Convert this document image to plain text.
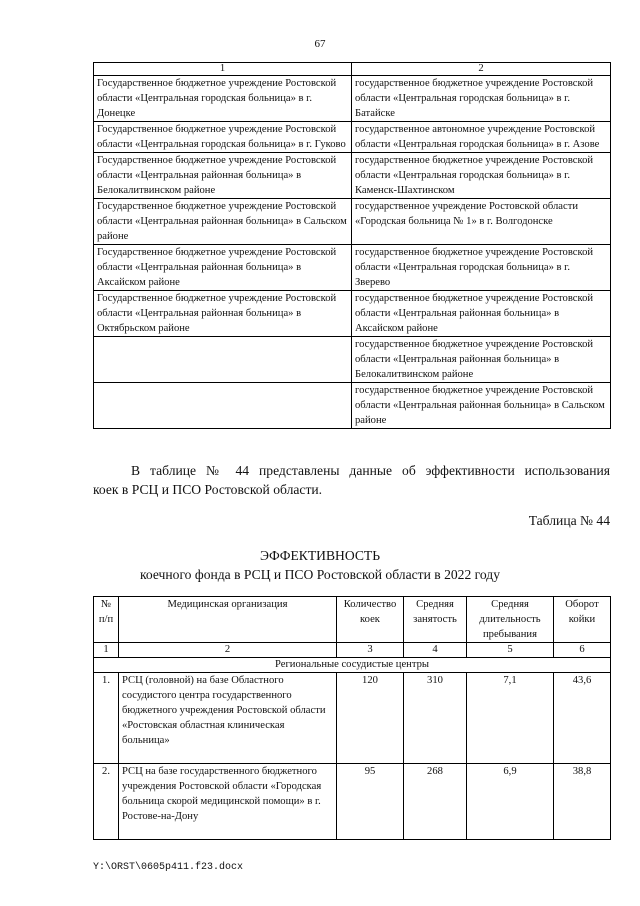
67
1	2
Государственное бюджетное учреждение Ростовской области «Центральная городская больница» в г. Донецке	государственное бюджетное учреждение Ростовской области «Центральная городская больница» в г. Батайске
Государственное бюджетное учреждение Ростовской области «Центральная городская больница» в г. Гуково	государственное автономное учреждение Ростовской области «Центральная городская больница» в г. Азове
Государственное бюджетное учреждение Ростовской области «Центральная районная больница» в Белокалитвинском районе	государственное бюджетное учреждение Ростовской области «Центральная городская больница» в г. Каменск-Шахтинском
Государственное бюджетное учреждение Ростовской области «Центральная районная больница» в Сальском районе	государственное учреждение Ростовской области «Городская больница № 1» в г. Волгодонске
Государственное бюджетное учреждение Ростовской области «Центральная районная больница» в Аксайском районе	государственное бюджетное учреждение Ростовской области «Центральная городская больница» в г. Зверево
Государственное бюджетное учреждение Ростовской области «Центральная районная больница» в Октябрьском районе	государственное бюджетное учреждение Ростовской области «Центральная районная больница» в Аксайском районе
	государственное бюджетное учреждение Ростовской области «Центральная районная больница» в Белокалитвинском районе
	государственное бюджетное учреждение Ростовской области «Центральная районная больница» в Сальском районе
В таблице № 44 представлены данные об эффективности использования
коек в РСЦ и ПСО Ростовской области.
Таблица № 44
ЭФФЕКТИВНОСТЬ
коечного фонда в РСЦ и ПСО Ростовской области в 2022 году
№ п/п	Медицинская организация	Количество коек	Средняя занятость	Средняя длительность пребывания	Оборот койки
1	2	3	4	5	6
Региональные сосудистые центры					
1.	РСЦ (головной) на базе Областного сосудистого центра государственного бюджетного учреждения Ростовской области «Ростовская областная клиническая больница»	120	310	7,1	43,6
2.	РСЦ на базе государственного бюджетного учреждения Ростовской области «Городская больница скорой медицинской помощи» в г. Ростове-на-Дону	95	268	6,9	38,8
Y:\ORST\0605p411.f23.docx
